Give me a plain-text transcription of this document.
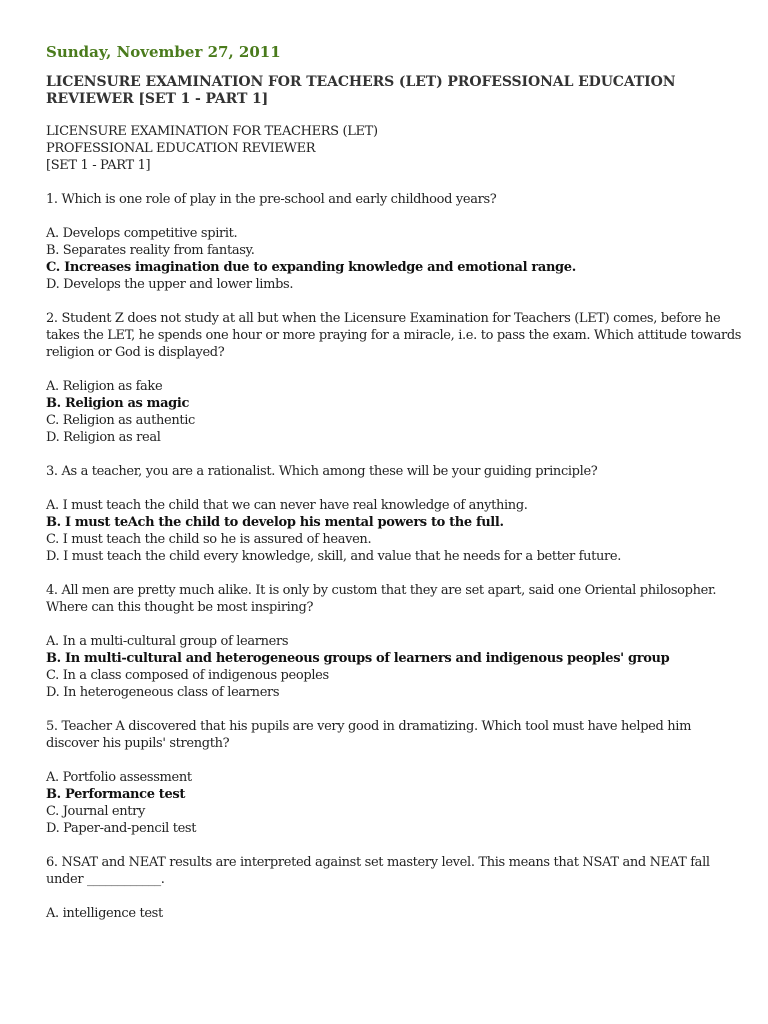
Sunday, November 27, 2011
LICENSURE EXAMINATION FOR TEACHERS (LET) PROFESSIONAL EDUCATION REVIEWER [SET 1 - PART 1]
LICENSURE EXAMINATION FOR TEACHERS (LET)
PROFESSIONAL EDUCATION REVIEWER
[SET 1 - PART 1]
1. Which is one role of play in the pre-school and early childhood years?
A. Develops competitive spirit.
B. Separates reality from fantasy.
C. Increases imagination due to expanding knowledge and emotional range.
D. Develops the upper and lower limbs.
2. Student Z does not study at all but when the Licensure Examination for Teachers (LET) comes, before he takes the LET, he spends one hour or more praying for a miracle, i.e. to pass the exam. Which attitude towards religion or God is displayed?
A. Religion as fake
B. Religion as magic
C. Religion as authentic
D. Religion as real
3. As a teacher, you are a rationalist. Which among these will be your guiding principle?
A. I must teach the child that we can never have real knowledge of anything.
B. I must teAch the child to develop his mental powers to the full.
C. I must teach the child so he is assured of heaven.
D. I must teach the child every knowledge, skill, and value that he needs for a better future.
4. All men are pretty much alike. It is only by custom that they are set apart, said one Oriental philosopher. Where can this thought be most inspiring?
A. In a multi-cultural group of learners
B. In multi-cultural and heterogeneous groups of learners and indigenous peoples' group
C. In a class composed of indigenous peoples
D. In heterogeneous class of learners
5. Teacher A discovered that his pupils are very good in dramatizing. Which tool must have helped him discover his pupils' strength?
A. Portfolio assessment
B. Performance test
C. Journal entry
D. Paper-and-pencil test
6. NSAT and NEAT results are interpreted against set mastery level. This means that NSAT and NEAT fall under ____________.
A. intelligence test
